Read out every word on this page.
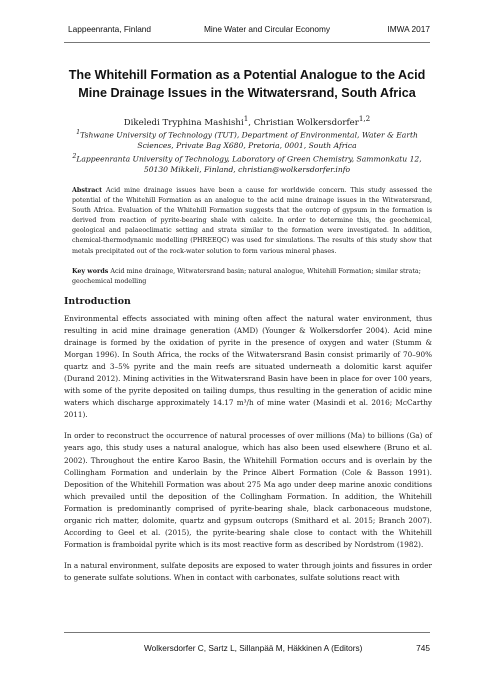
Lappeenranta, Finland	Mine Water and Circular Economy	IMWA 2017
The Whitehill Formation as a Potential Analogue to the Acid Mine Drainage Issues in the Witwatersrand, South Africa
Dikeledi Tryphina Mashishi$^1$, Christian Wolkersdorfer$^{1,2}$

$^1$Tshwane University of Technology (TUT), Department of Environmental, Water & Earth Sciences, Private Bag X680, Pretoria, 0001, South Africa

$^2$Lappeenranta University of Technology, Laboratory of Green Chemistry, Sammonkatu 12, 50130 Mikkeli, Finland, christian@wolkersdorfer.info

Abstract Acid mine drainage issues have been a cause for worldwide concern. This study assessed the potential of the Whitehill Formation as an analogue to the acid mine drainage issues in the Witwatersrand, South Africa. Evaluation of the Whitehill Formation suggests that the outcrop of gypsum in the formation is derived from reaction of pyrite-bearing shale with calcite. In order to determine this, the geochemical, geological and palaeoclimatic setting and strata similar to the formation were investigated. In addition, chemical-thermodynamic modelling (PHREEQC) was used for simulations. The results of this study show that metals precipitated out of the rock-water solution to form various mineral phases.

Key words Acid mine drainage, Witwatersrand basin; natural analogue, Whitehill Formation; similar strata; geochemical modelling

Introduction

Environmental effects associated with mining often affect the natural water environment, thus resulting in acid mine drainage generation (AMD) (Younger & Wolkersdorfer 2004). Acid mine drainage is formed by the oxidation of pyrite in the presence of oxygen and water (Stumm & Morgan 1996). In South Africa, the rocks of the Witwatersrand Basin consist primarily of 70–90% quartz and 3–5% pyrite and the main reefs are situated underneath a dolomitic karst aquifer (Durand 2012). Mining activities in the Witwatersrand Basin have been in place for over 100 years, with some of the pyrite deposited on tailing dumps, thus resulting in the generation of acidic mine waters which discharge approximately 14.17 m³/h of mine water (Masindi et al. 2016; McCarthy 2011).

In order to reconstruct the occurrence of natural processes of over millions (Ma) to billions (Ga) of years ago, this study uses a natural analogue, which has also been used elsewhere (Bruno et al. 2002). Throughout the entire Karoo Basin, the Whitehill Formation occurs and is overlain by the Collingham Formation and underlain by the Prince Albert Formation (Cole & Basson 1991). Deposition of the Whitehill Formation was about 275 Ma ago under deep marine anoxic conditions which prevailed until the deposition of the Collingham Formation. In addition, the Whitehill Formation is predominantly comprised of pyrite-bearing shale, black carbonaceous mudstone, organic rich matter, dolomite, quartz and gypsum outcrops (Smithard et al. 2015; Branch 2007). According to Geel et al. (2015), the pyrite-bearing shale close to contact with the Whitehill Formation is framboidal pyrite which is its most reactive form as described by Nordstrom (1982).

In a natural environment, sulfate deposits are exposed to water through joints and fissures in order to generate sulfate solutions. When in contact with carbonates, sulfate solutions react with

Wolkersdorfer C, Sartz L, Sillanpää M, Häkkinen A (Editors)	745
